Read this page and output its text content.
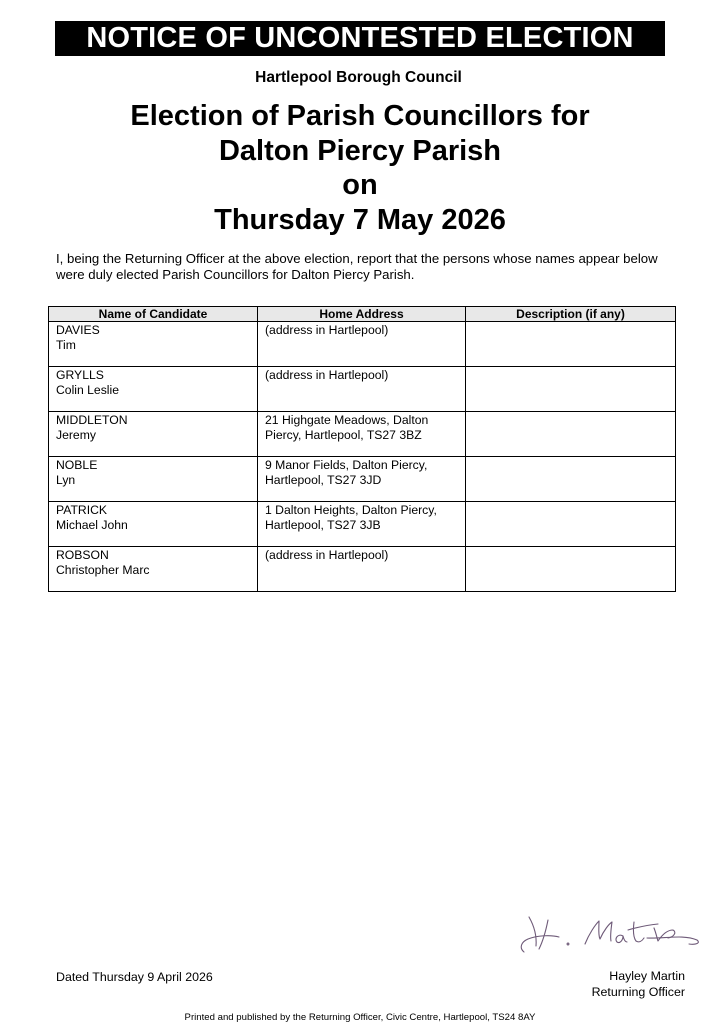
NOTICE OF UNCONTESTED ELECTION
Hartlepool Borough Council
Election of Parish Councillors for
Dalton Piercy Parish
on
Thursday 7 May 2026
I, being the Returning Officer at the above election, report that the persons whose names appear below were duly elected Parish Councillors for Dalton Piercy Parish.
Name of Candidate	Home Address	Description (if any)

DAVIES
Tim	(address in Hartlepool)	

GRYLLS
Colin Leslie	(address in Hartlepool)	

MIDDLETON
Jeremy	21 Highgate Meadows, Dalton
Piercy, Hartlepool, TS27 3BZ	

NOBLE
Lyn	9 Manor Fields, Dalton Piercy,
Hartlepool, TS27 3JD	

PATRICK
Michael John	1 Dalton Heights, Dalton Piercy,
Hartlepool, TS27 3JB	

ROBSON
Christopher Marc	(address in Hartlepool)	

Dated Thursday 9 April 2026	Hayley Martin
Returning Officer
Printed and published by the Returning Officer, Civic Centre, Hartlepool, TS24 8AY
